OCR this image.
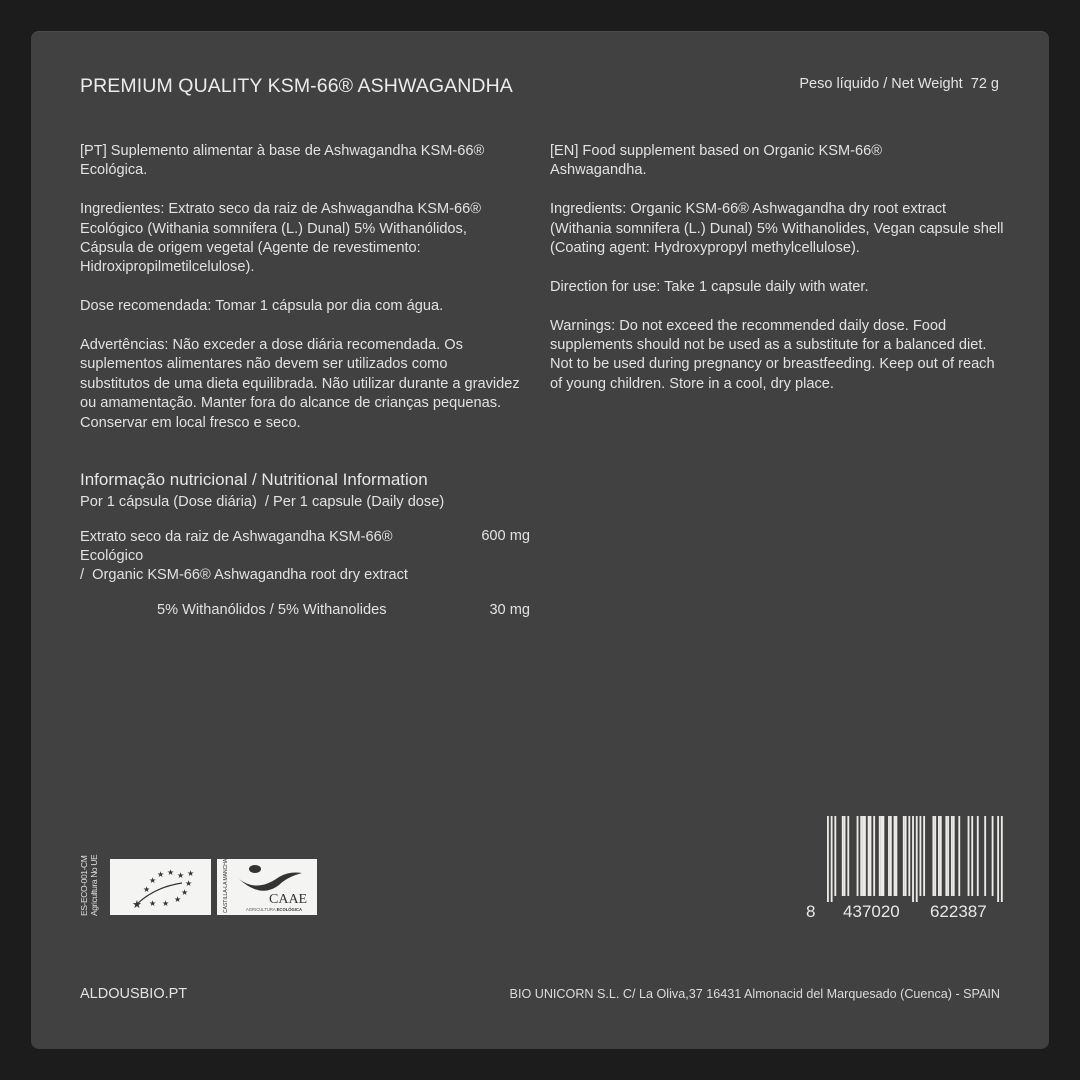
PREMIUM QUALITY KSM-66® ASHWAGANDHA	Peso líquido / Net Weight  72 g

[PT] Suplemento alimentar à base de Ashwagandha KSM-66® Ecológica.

Ingredientes: Extrato seco da raiz de Ashwagandha KSM-66® Ecológico (Withania somnifera (L.) Dunal) 5% Withanólidos, Cápsula de origem vegetal (Agente de revestimento: Hidroxipropilmetilcelulose).

Dose recomendada: Tomar 1 cápsula por dia com água.

Advertências: Não exceder a dose diária recomendada. Os suplementos alimentares não devem ser utilizados como substitutos de uma dieta equilibrada. Não utilizar durante a gravidez ou amamentação. Manter fora do alcance de crianças pequenas. Conservar em local fresco e seco.

[EN] Food supplement based on Organic KSM-66® Ashwagandha.

Ingredients: Organic KSM-66® Ashwagandha dry root extract (Withania somnifera (L.) Dunal) 5% Withanolides, Vegan capsule shell (Coating agent: Hydroxypropyl methylcellulose).

Direction for use: Take 1 capsule daily with water.

Warnings: Do not exceed the recommended daily dose. Food supplements should not be used as a substitute for a balanced diet. Not to be used during pregnancy or breastfeeding. Keep out of reach of young children. Store in a cool, dry place.

Informação nutricional / Nutritional Information
Por 1 cápsula (Dose diária)  / Per 1 capsule (Daily dose)
Extrato seco da raiz de Ashwagandha KSM-66® Ecológico
/  Organic KSM-66® Ashwagandha root dry extract
600 mg
5% Withanólidos / 5% Withanolides	30 mg
ES-ECO-001-CM Agricultura No UE	★
★
★
★ ★ ★ ★
★
★
★
★
★	CASTILLA-LA MANCHA	CAAE
AGRICULTURA ECOLÓGICA	8 437020 622387
ALDOUSBIO.PT	BIO UNICORN S.L. C/ La Oliva,37 16431 Almonacid del Marquesado (Cuenca) - SPAIN
